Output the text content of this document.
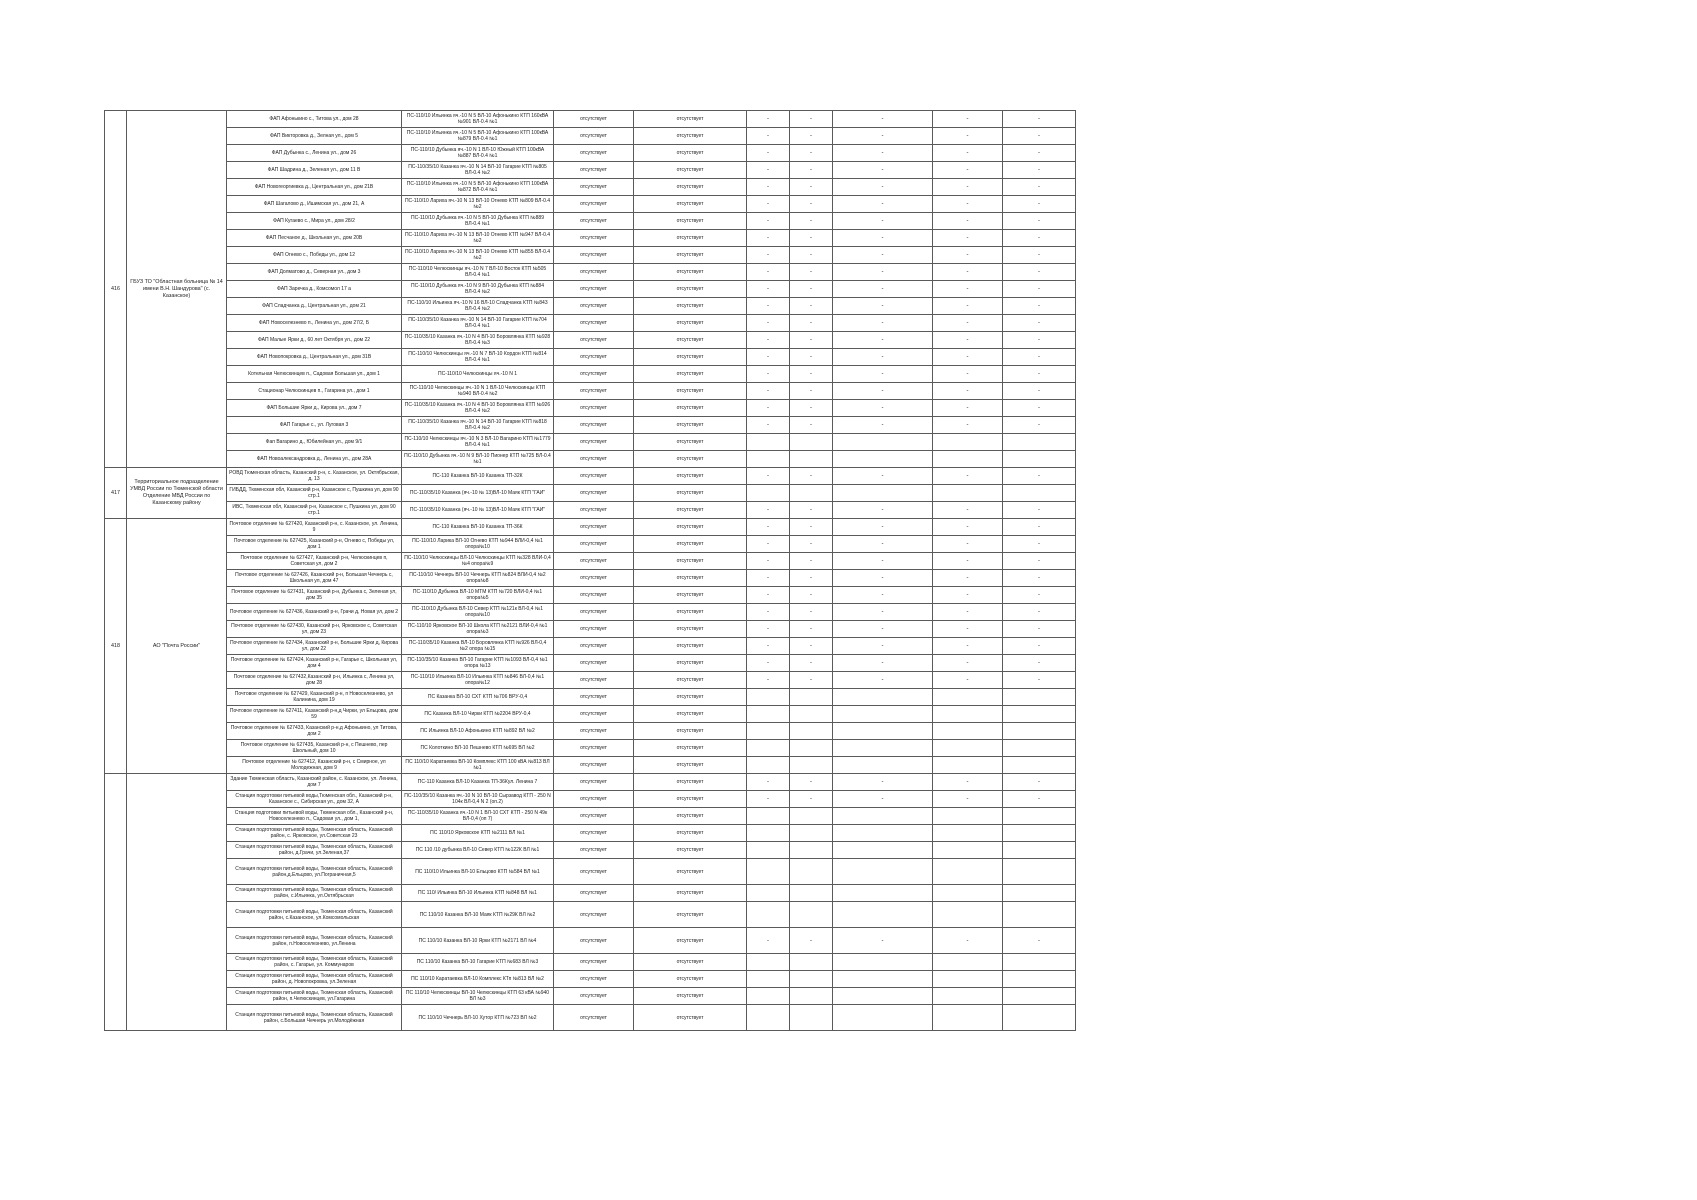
416	ГБУЗ ТО "Областная больница № 14 имени В.Н. Шандурова" (с. Казанское)	ФАП Афонькино с., Титова ул., дом 28	ПС-110/10 Ильинка яч.-10 N 5 ВЛ-10 Афонькино КТП 160кВА №901 ВЛ-0.4 №1	отсутствует	отсутствует	-	-	-	-	-
		ФАП Викторовка д., Зелная ул., дом 5	ПС-110/10 Ильинка яч.-10 N 5 ВЛ-10 Афонькино КТП 100кВА №879 ВЛ-0.4 №1	отсутствует	отсутствует	-	-	-	-	-
		ФАП Дубынка с., Ленина ул., дом 26	ПС-110/10 Дубынка яч.-10 N 1 ВЛ-10 Южный КТП 100кВА №887 ВЛ-0.4 №1	отсутствует	отсутствует	-	-	-	-	-
		ФАП Шадрина д., Зеленая ул., дом 11 В	ПС-110/35/10 Казанка яч.-10 N 14 ВЛ-10 Гагарие КТП №805 ВЛ-0.4 №2	отсутствует	отсутствует	-	-	-	-	-
		ФАП Новогеоргиевка д., Центральная ул., дом 21В	ПС-110/10 Ильинка яч.-10 N 5 ВЛ-10 Афонькино КТП 100кВА №872 ВЛ-0.4 №1	отсутствует	отсутствует	-	-	-	-	-
		ФАП Шагалово д., Ишимская ул., дом 21, А	ПС-110/10 Лариха яч.-10 N 13 ВЛ-10 Огнево КТП №809 ВЛ-0.4 №2	отсутствует	отсутствует	-	-	-	-	-
		ФАП Кугаево с., Мира ул., дом 28/2	ПС-110/10 Дубынка яч.-10 N 5 ВЛ-10 Дубынка КТП №889 ВЛ-0.4 №1	отсутствует	отсутствует	-	-	-	-	-
		ФАП Песчаное д., Школьная ул., дом 20В	ПС-110/10 Лариха яч.-10 N 13 ВЛ-10 Огнево КТП №947 ВЛ-0.4 №2	отсутствует	отсутствует	-	-	-	-	-
		ФАП Огнево с., Победы ул., дом 12	ПС-110/10 Лариха яч.-10 N 13 ВЛ-10 Огнево КТП №855 ВЛ-0.4 №2	отсутствует	отсутствует	-	-	-	-	-
		ФАП Долматово д., Северная ул., дом 3	ПС-110/10 Челюскинцы яч.-10 N 7 ВЛ-10 Восток КТП №505 ВЛ-0.4 №1	отсутствует	отсутствует	-	-	-	-	-
		ФАП Заречка д., Комсомол 17 а	ПС-110/10 Дубынка яч.-10 N 9 ВЛ-10 Дубынка КТП №884 ВЛ-0.4 №2	отсутствует	отсутствует	-	-	-	-	-
		ФАП Сладчанка д., Центральная ул., дом 21	ПС-110/10 Ильинка яч.-10 N 16 ВЛ-10 Сладчанка КТП №843 ВЛ-0.4 №2	отсутствует	отсутствует	-	-	-	-	-
		ФАП Новоселезнево п., Ленина ул., дом 27/2, Б	ПС-110/35/10 Казанка яч.-10 N 14 ВЛ-10 Гагарие КТП №704 ВЛ-0.4 №1	отсутствует	отсутствует	-	-	-	-	-
		ФАП Малые Ярки д., 60 лет Октября ул., дом 22	ПС-110/35/10 Казанка яч.-10 N 4 ВЛ-10 Боровлянка КТП №928 ВЛ-0.4 №3	отсутствует	отсутствует	-	-	-	-	-
		ФАП Новопокровка д., Центральная ул., дом 31В	ПС-110/10 Челюскинцы яч.-10 N 7 ВЛ-10 Кордон КТП №814 ВЛ-0.4 №1	отсутствует	отсутствует	-	-	-	-	-
		Котельная Челюскинцев п., Садовая Большая ул., дом 1	ПС-110/10 Челюскинцы яч.-10 N 1	отсутствует	отсутствует	-	-	-	-	-
		Стационар Челюскинцев п., Гагарина ул., дом 1	ПС-110/10 Челюскинцы яч.-10 N 1 ВЛ-10 Челюскинцы КТП №940 ВЛ-0.4 №2	отсутствует	отсутствует	-	-	-	-	-
		ФАП Большие Ярки д., Кирова ул., дом 7	ПС-110/35/10 Казанка яч.-10 N 4 ВЛ-10 Боровлянка КТП №926 ВЛ-0.4 №2	отсутствует	отсутствует	-	-	-	-	-
		ФАП Гагарье с., ул. Луговая 3	ПС-110/35/10 Казанка яч.-10 N 14 ВЛ-10 Гагарие КТП №818 ВЛ-0.4 №2	отсутствует	отсутствует	-	-	-	-	-
		Фап Вагарино д., Юбилейная ул., дом 9/1	ПС-110/10 Челюскинцы яч.-10 N 3 ВЛ-10 Вагарино КТП №1779 ВЛ-0.4 №1	отсутствует	отсутствует					
		ФАП Новоалександровка д., Ленина ул., дом 28А	ПС-110/10 Дубынка яч.-10 N 9 ВЛ-10 Пионер КТП №725 ВЛ-0.4 №1	отсутствует	отсутствует					
417	Территориальное подразделение УМВД России по Тюменской области Отделение МВД России по Казанскому району	РОВД Тюменская область, Казанский р-н, с. Казанское, ул. Октябрьская, д. 13	ПС-110 Казанка ВЛ-10 Казанка ТП-32К	отсутствует	отсутствует	-	-	-	-	-
		ГИБДД, Тюменская обл, Казанский р-н, Казанское с, Пушкина ул, дом 90 стр.1	ПС-110/35/10 Казанка (яч.-10 № 13)ВЛ-10 Маяк КТП "ГАИ"	отсутствует	отсутствует					
		ИВС, Тюменская обл, Казанский р-н, Казанское с, Пушкина ул, дом 90 стр.1	ПС-110/35/10 Казанка (яч.-10 № 13)ВЛ-10 Маяк КТП "ГАИ"	отсутствует	отсутствует	-	-	-	-	-
418	АО "Почта России"	Почтовое отделение № 627420, Казанский р-н, с. Казанское, ул. Ленина, 9	ПС-110 Казанка ВЛ-10 Казанка ТП-36К	отсутствует	отсутствует	-	-	-	-	-
		Почтовое отделение № 627425, Казанский р-н, Огнево с, Победы ул, дом 1	ПС-110/10 Ларика ВЛ-10 Огнево КТП №944 ВЛИ-0,4 №1 опора№10	отсутствует	отсутствует	-	-	-	-	-
		Почтовое отделение № 627427, Казанский р-н, Челюскинцев п, Советская ул, дом 2	ПС-110/10 Челюскинцы ВЛ-10 Челюскинцы КТП №328 ВЛИ-0,4 №4 опора№9	отсутствует	отсутствует	-	-	-	-	-
		Почтовое отделение № 627426, Казанский р-н, Большая Чечнерь с, Школьная ул, дом 47	ПС-110/10 Чечнерь ВЛ-10 Чечнерь КТП №824 ВЛИ-0,4 №2 опора№8	отсутствует	отсутствует	-	-	-	-	-
		Почтовое отделение № 627431, Казанский р-н, Дубынка с, Зеленая ул, дом 35	ПС-110/10 Дубынка ВЛ-10 МТМ КТП №720 ВЛИ-0,4 №1 опора№5	отсутствует	отсутствует	-	-	-	-	-
		Почтовое отделение № 627436, Казанский р-н, Грачи д, Новая ул, дом 2	ПС-110/10 Дубынка ВЛ-10 Север КТП №121к ВЛ-0,4 №1 опора№10	отсутствует	отсутствует	-	-	-	-	-
		Почтовое отделение № 627430, Казанский р-н, Ярковское с, Советская ул, дом 23	ПС-110/10 Ярковское ВЛ-10 Школа КТП №2121 ВЛИ-0,4 №1 опора№3	отсутствует	отсутствует	-	-	-	-	-
		Почтовое отделение № 627434, Казанский р-н, Большие Ярки д, Кирова ул, дом 22	ПС-110/35/10 Казанка ВЛ-10 Боровлянка КТП №926 ВЛ-0,4 №2 опора №15	отсутствует	отсутствует	-	-	-	-	-
		Почтовое отделение № 627424, Казанский р-н, Гагарье с, Школьная ул, дом 4	ПС-110/35/10 Казанка ВЛ-10 Гагарие КТП №1093 ВЛ-0,4 №1 опора №13	отсутствует	отсутствует	-	-	-	-	-
		Почтовое отделение № 627432,Казанский р-н, Ильинка с, Ленина ул, дом 28	ПС-110/10 Ильинка ВЛ-10 Ильинка КТП №846 ВЛ-0,4 №1 опора№12	отсутствует	отсутствует	-	-	-	-	-
		Почтовое отделение № 627429, Казанский р-н, п Новоселезнево, ул Калинина, дом 19	ПС Казанка ВЛ-10 СХТ КТП №706 ВРУ-0,4	отсутствует	отсутствует					
		Почтовое отделение № 627411, Казанский р-н,д Чирки, ул Ельцова, дом 59	ПС Казанка ВЛ-10 Чирки КТП №2204 ВРУ-0,4	отсутствует	отсутствует					
		Почтовое отделение № 627433, Казанский р-н,д Афонькино, ул Титова, дом 2	ПС Ильинка ВЛ-10 Афонькино КТП №892 ВЛ №2	отсутствует	отсутствует					
		Почтовое отделение № 627435, Казанский р-н, с Пешнево, пер Школьный, дом 10	ПС Колоткино ВЛ-10 Пешнево КТП №695 ВЛ №2	отсутствует	отсутствует					
		Почтовое отделение № 627412, Казанский р-н, с Смирное, ул Молодежная, дом 9	ПС 110/10 Каратаевка ВЛ-10 Комплекс КТП 100 кВА №813 ВЛ №1	отсутствует	отсутствует					
		Здание Тюменская область, Казанский район, с. Казанское, ул. Ленина, дом 7	ПС-110 Казанка ВЛ-10 Казанка ТП-36Кул. Ленина 7	отсутствует	отсутствует	-	-	-	-	-
		Станция подготовки питьевой воды,Тюменская обл., Казанский р-н, Казанское с., Сибирская ул., дом 32, А	ПС-110/35/10 Казанка яч.-10 N 10 ВЛ-10 Сырзавод КТП - 250 N 104к ВЛ-0,4 N 2 (оп.2)	отсутствует	отсутствует	-	-	-	-	-
		Станция подготовки питьевой воды, Тюменская обл., Казанский р-н, Новоселезнево п., Садовая ул., дом 1,	ПС-110/35/10 Казанка яч.-10 N 1 ВЛ-10 СХТ КТП - 250 N 49к ВЛ-0,4 (оп 7)	отсутствует	отсутствует					
		Станция подготовки питьевой воды, Тюменская область, Казанский район, с. Ярковское, ул.Советская 23	ПС 110/10 Ярковское КТП №2111 ВЛ №1	отсутствует	отсутствует					
		Станция подготовки питьевой воды, Тюменская область, Казанский район, д.Грачи, ул.Зеленая,37	ПС 110 /10 дубынка ВЛ-10 Север КТП №122К ВЛ №1	отсутствует	отсутствует					
		Станция подготовки питьевой воды, Тюменская область, Казанский район,д.Ельцово, ул.Пограничная,5	ПС 110/10 Ильинка ВЛ-10 Ельцово КТП №584 ВЛ №1	отсутствует	отсутствует					
		Станция подготовки питьевой воды, Тюменская область, Казанский район, с.Ильинка, ул.Октябрьская	ПС 110/ Ильинка ВЛ-10 Ильинка КТП №848 ВЛ №1	отсутствует	отсутствует					
		Станция подготовки питьевой воды, Тюменская область, Казанский район, с.Казанское, ул.Комсомольская	ПС 110/10 Казанка ВЛ-10 Маяк КТП №29К ВЛ №2	отсутствует	отсутствует					
		Станция подготовки питьевой воды, Тюменская область, Казанский район, п.Новоселезнево, ул.Ленина	ПС 110/10 Казанка ВЛ-10 Ярки КТП №2171 ВЛ №4	отсутствует	отсутствует	-	-	-	-	-
		Станция подготовки питьевой воды, Тюменская область, Казанский район, с. Гагарье, ул. Коммунаров	ПС 110/10 Казанка ВЛ-10 Гагарие КТП №683 ВЛ №3	отсутствует	отсутствует					
		Станция подготовки питьевой воды, Тюменская область, Казанский район, д. Новопокровка, ул.Зеленая	ПС 110/10 Каратаевка ВЛ-10 Комплекс КТп №813 ВЛ №2	отсутствует	отсутствует					
		Станция подготовки питьевой воды, Тюменская область, Казанский район, п.Челюскинцев, ул.Гагарина	ПС 110/10 Челюскинцы ВЛ-10 Челюскинцы КТП 63 кВА №940 ВЛ №3	отсутствует	отсутствует					
		Станция подготовки питьевой воды, Тюменская область, Казанский район, с.Большая Чечнерь ул.Молодёжная	ПС 110/10 Чечнерь ВЛ-10 Хутор КТП №723 ВЛ №2	отсутствует	отсутствует					
